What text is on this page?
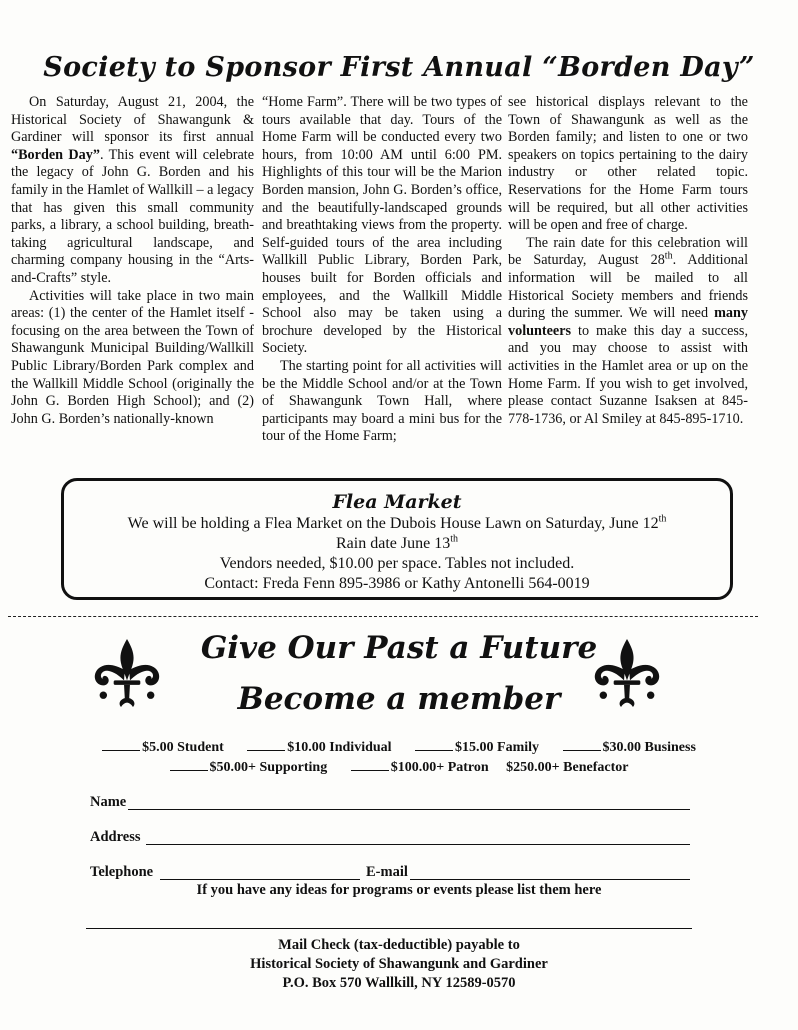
Society to Sponsor First Annual “Borden Day”

On Saturday, August 21, 2004, the Historical Society of Shawangunk & Gardiner will sponsor its first annual “Borden Day”. This event will celebrate the legacy of John G. Borden and his family in the Hamlet of Wallkill – a legacy that has given this small community parks, a library, a school building, breath-taking agricultural landscape, and charming company housing in the “Arts-and-Crafts” style.

Activities will take place in two main areas: (1) the center of the Hamlet itself - focusing on the area between the Town of Shawangunk Municipal Building/Wallkill Public Library/Borden Park complex and the Wallkill Middle School (originally the John G. Borden High School); and (2) John G. Borden’s nationally-known

“Home Farm”. There will be two types of tours available that day. Tours of the Home Farm will be conducted every two hours, from 10:00 AM until 6:00 PM. Highlights of this tour will be the Marion Borden mansion, John G. Borden’s office, and the beautifully-landscaped grounds and breathtaking views from the property. Self-guided tours of the area including Wallkill Public Library, Borden Park, houses built for Borden officials and employees, and the Wallkill Middle School also may be taken using a brochure developed by the Historical Society.

The starting point for all activities will be the Middle School and/or at the Town of Shawangunk Town Hall, where participants may board a mini bus for the tour of the Home Farm;

see historical displays relevant to the Town of Shawangunk as well as the Borden family; and listen to one or two speakers on topics pertaining to the dairy industry or other related topic. Reservations for the Home Farm tours will be required, but all other activities will be open and free of charge.

The rain date for this celebration will be Saturday, August 28th. Additional information will be mailed to all Historical Society members and friends during the summer. We will need many volunteers to make this day a success, and you may choose to assist with activities in the Hamlet area or up on the Home Farm. If you wish to get involved, please contact Suzanne Isaksen at 845-778-1736, or Al Smiley at 845-895-1710.

Flea Market
We will be holding a Flea Market on the Dubois House Lawn on Saturday, June 12th
Rain date June 13th
Vendors needed, $10.00 per space. Tables not included.
Contact: Freda Fenn 895-3986 or Kathy Antonelli 564-0019
Give Our Past a Future
Become a member
$5.00 Student	$10.00 Individual	$15.00 Family	$30.00 Business
$50.00+ Supporting	$100.00+ Patron $250.00+ Benefactor
Name
Address
Telephone	E-mail
If you have any ideas for programs or events please list them here
Mail Check (tax-deductible) payable to
Historical Society of Shawangunk and Gardiner
P.O. Box 570 Wallkill, NY 12589-0570
